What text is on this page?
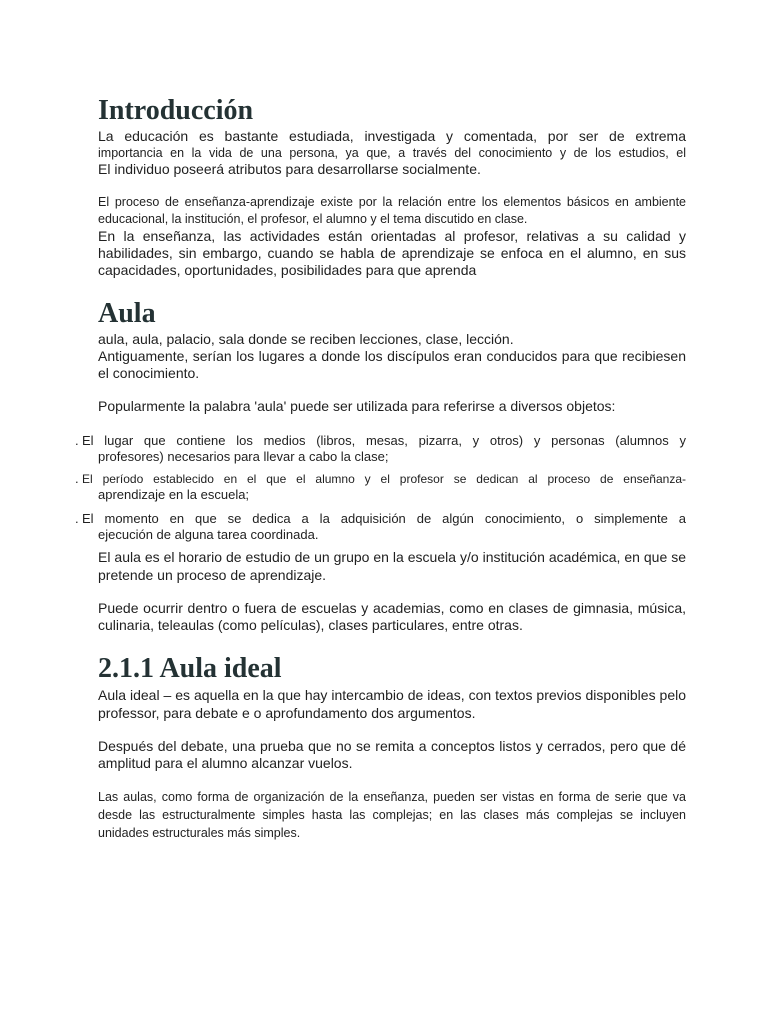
Introducción

La educación es bastante estudiada, investigada y comentada, por ser de extrema

importancia en la vida de una persona, ya que, a través del conocimiento y de los estudios, el

El individuo poseerá atributos para desarrollarse socialmente.

El proceso de enseñanza-aprendizaje existe por la relación entre los elementos básicos en ambiente educacional, la institución, el profesor, el alumno y el tema discutido en clase.

En la enseñanza, las actividades están orientadas al profesor, relativas a su calidad y habilidades, sin embargo, cuando se habla de aprendizaje se enfoca en el alumno, en sus capacidades, oportunidades, posibilidades para que aprenda

Aula

aula, aula, palacio, sala donde se reciben lecciones, clase, lección.

Antiguamente, serían los lugares a donde los discípulos eran conducidos para que recibiesen el conocimiento.

Popularmente la palabra 'aula' puede ser utilizada para referirse a diversos objetos:

. El lugar que contiene los medios (libros, mesas, pizarra, y otros) y personas (alumnos y

profesores) necesarios para llevar a cabo la clase;

. El período establecido en el que el alumno y el profesor se dedican al proceso de enseñanza-

aprendizaje en la escuela;

. El momento en que se dedica a la adquisición de algún conocimiento, o simplemente a

ejecución de alguna tarea coordinada.

El aula es el horario de estudio de un grupo en la escuela y/o institución académica, en que se pretende un proceso de aprendizaje.

Puede ocurrir dentro o fuera de escuelas y academias, como en clases de gimnasia, música, culinaria, teleaulas (como películas), clases particulares, entre otras.

2.1.1 Aula ideal

Aula ideal – es aquella en la que hay intercambio de ideas, con textos previos disponibles pelo professor, para debate e o aprofundamento dos argumentos.

Después del debate, una prueba que no se remita a conceptos listos y cerrados, pero que dé amplitud para el alumno alcanzar vuelos.

Las aulas, como forma de organización de la enseñanza, pueden ser vistas en forma de serie que va desde las estructuralmente simples hasta las complejas; en las clases más complejas se incluyen unidades estructurales más simples.
